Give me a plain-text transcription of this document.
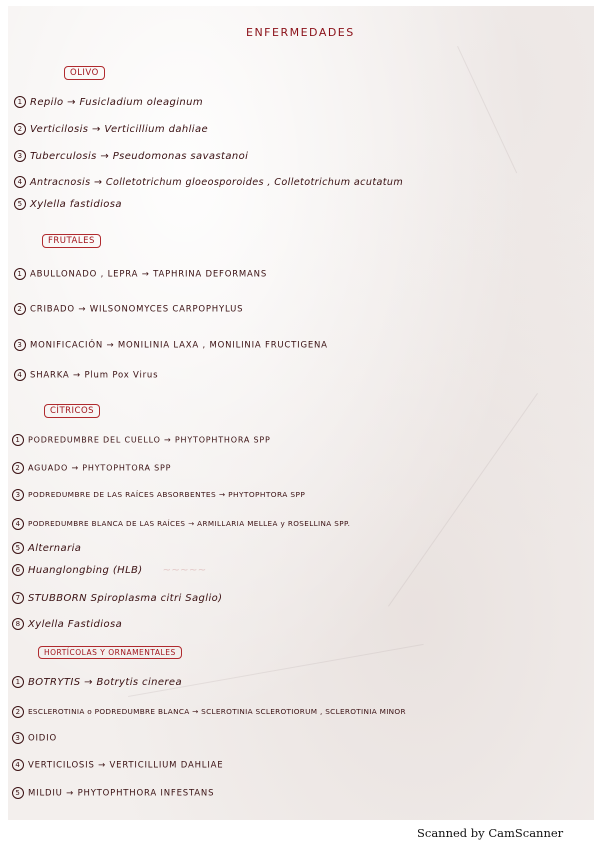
ENFERMEDADES
OLIVO
1 Repilo → Fusicladium oleaginum
2 Verticilosis → Verticillium dahliae
3 Tuberculosis → Pseudomonas savastanoi
4 Antracnosis → Colletotrichum gloeosporoides , Colletotrichum acutatum
5 Xylella fastidiosa
FRUTALES
1 ABULLONADO , LEPRA → TAPHRINA DEFORMANS
2 CRIBADO → WILSONOMYCES CARPOPHYLUS
3 MONIFICACIÓN → MONILINIA LAXA , MONILINIA FRUCTIGENA
4 SHARKA → Plum Pox Virus
CÍTRICOS
1 PODREDUMBRE DEL CUELLO → PHYTOPHTHORA SPP
2 AGUADO → PHYTOPHTORA SPP
3 PODREDUMBRE DE LAS RAÍCES ABSORBENTES → PHYTOPHTORA SPP
4 PODREDUMBRE BLANCA DE LAS RAÍCES → ARMILLARIA MELLEA y ROSELLINA SPP.
5 Alternaria
6 Huanglongbing (HLB) ~~~~~
7 STUBBORN Spiroplasma citri Saglio)
8 Xylella Fastidiosa
HORTÍCOLAS Y ORNAMENTALES
1 BOTRYTIS → Botrytis cinerea
2 ESCLEROTINIA o PODREDUMBRE BLANCA → SCLEROTINIA SCLEROTIORUM , SCLEROTINIA MINOR
3 OIDIO
4 VERTICILOSIS → VERTICILLIUM DAHLIAE
5 MILDIU → PHYTOPHTHORA INFESTANS
Scanned by CamScanner
